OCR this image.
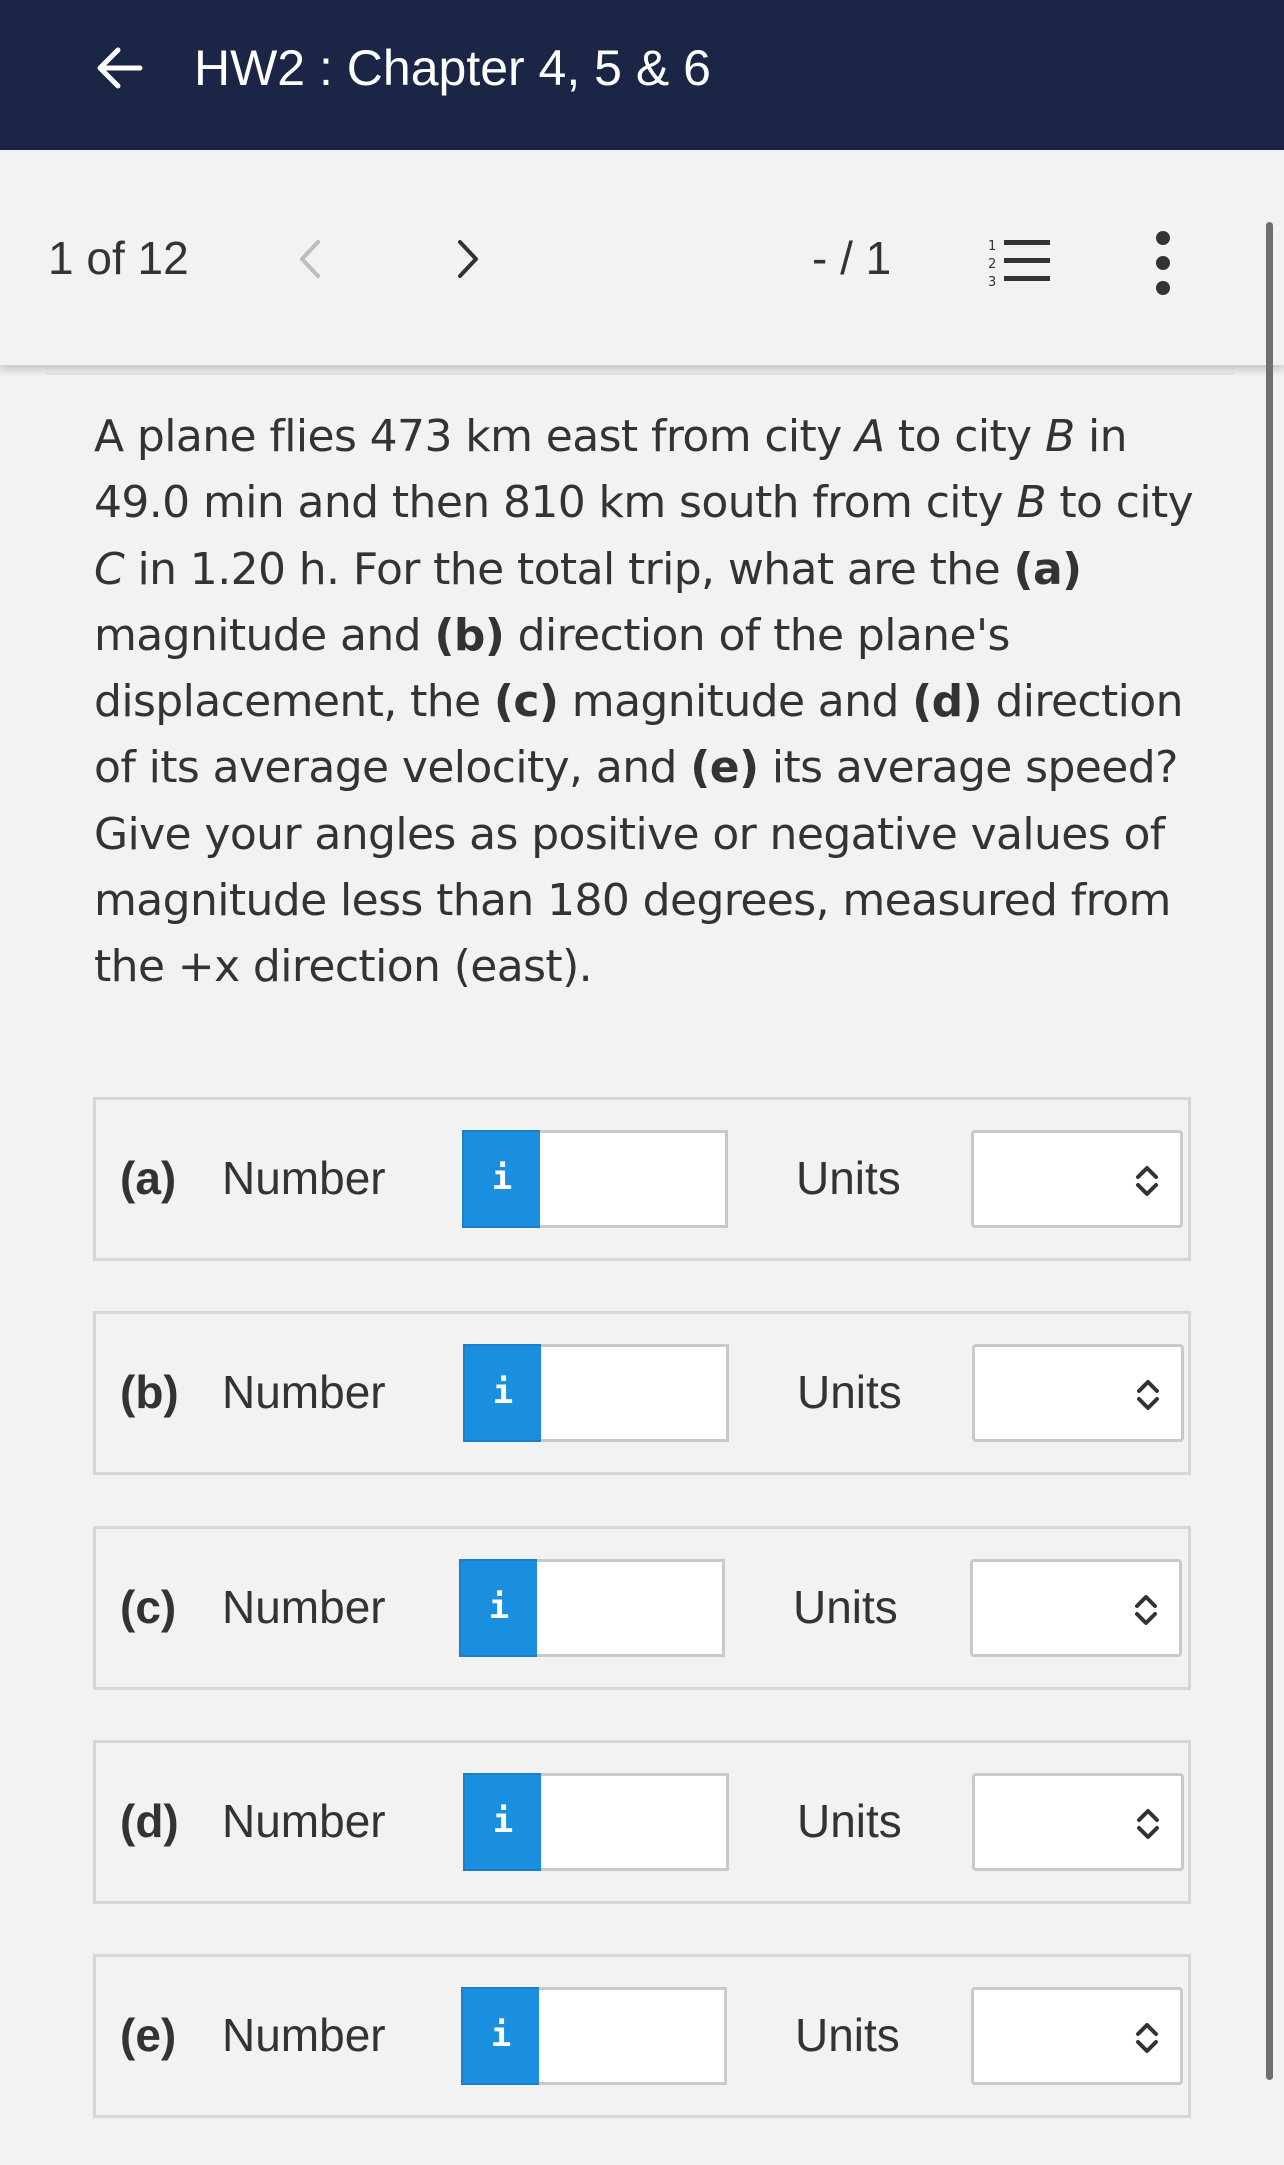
HW2 : Chapter 4, 5 & 6
1 of 12	- / 1	1
2
3
A plane flies 473 km east from city A to city B in 49.0 min and then 810 km south from city B to city C in 1.20 h. For the total trip, what are the (a) magnitude and (b) direction of the plane's displacement, the (c) magnitude and (d) direction of its average velocity, and (e) its average speed? Give your angles as positive or negative values of magnitude less than 180 degrees, measured from the +x direction (east).
(a) Number	i	Units
(b) Number	i	Units
(c) Number	i	Units
(d) Number	i	Units
(e) Number	i	Units
